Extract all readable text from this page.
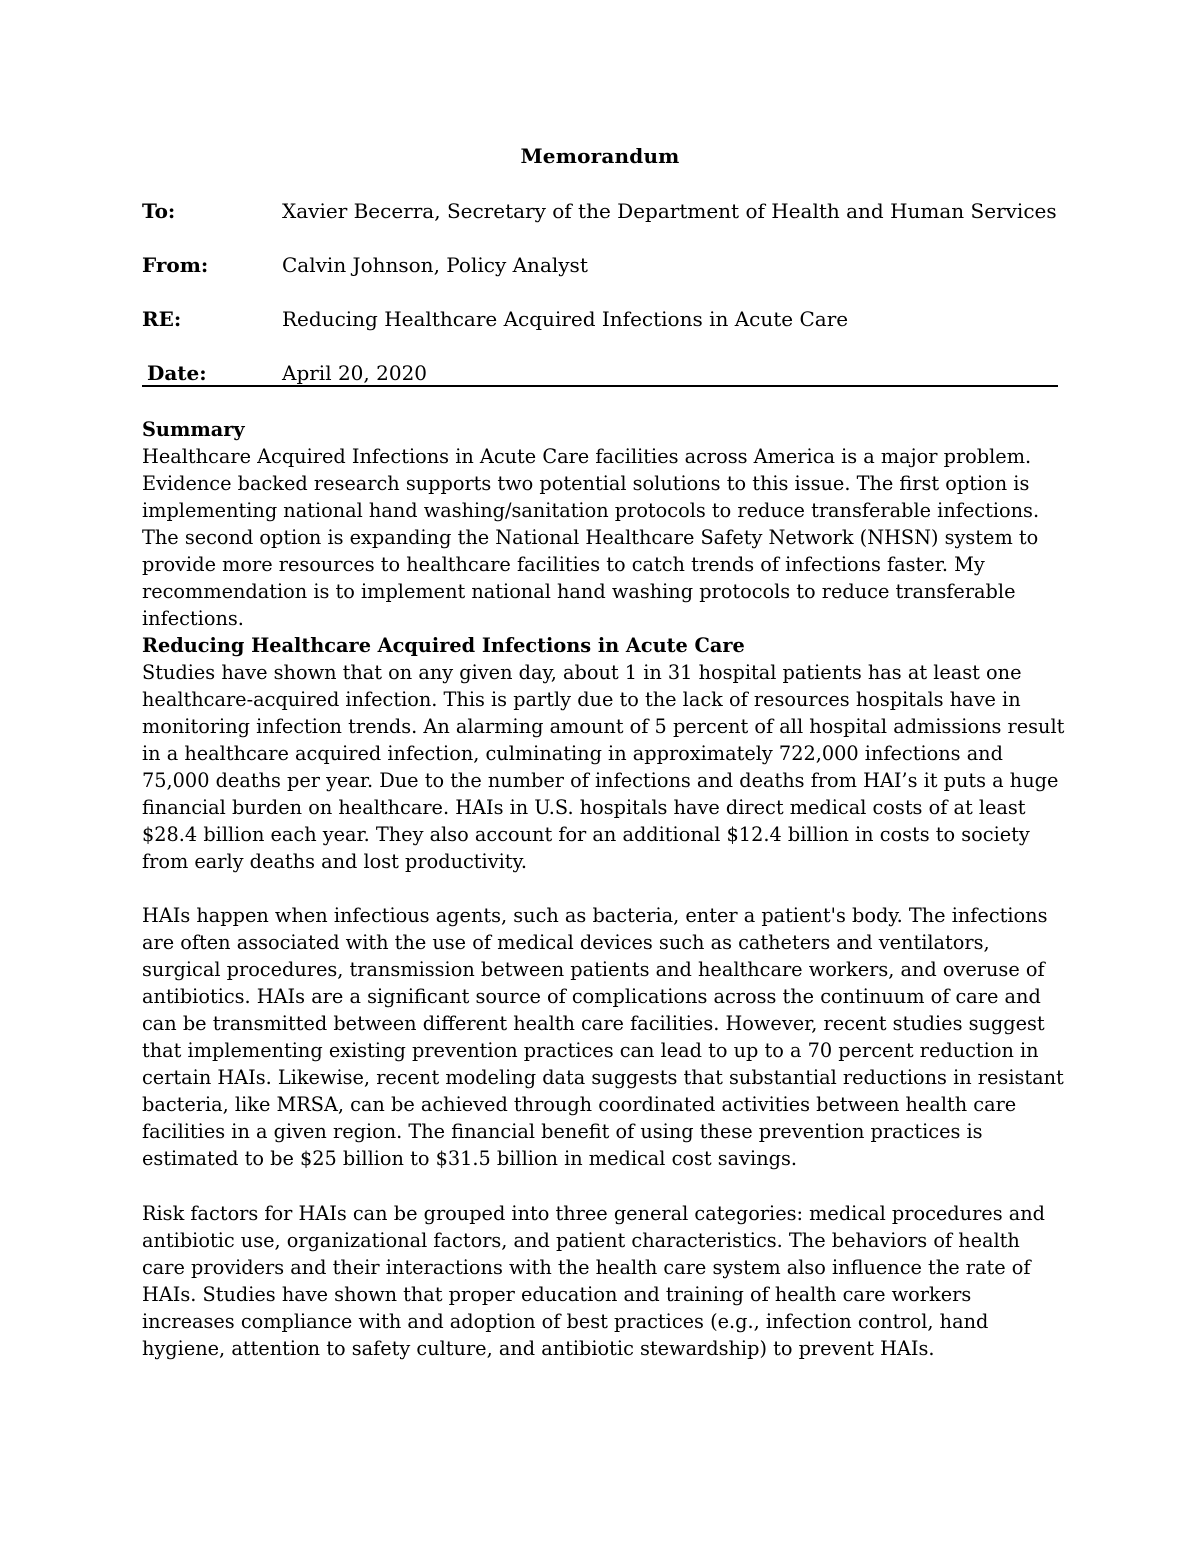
Memorandum
To:	Xavier Becerra, Secretary of the Department of Health and Human Services
From:	Calvin Johnson, Policy Analyst
RE:	Reducing Healthcare Acquired Infections in Acute Care
Date:	April 20, 2020

Summary

Healthcare Acquired Infections in Acute Care facilities across America is a major problem. Evidence backed research supports two potential solutions to this issue. The first option is implementing national hand washing/sanitation protocols to reduce transferable infections. The second option is expanding the National Healthcare Safety Network (NHSN) system to provide more resources to healthcare facilities to catch trends of infections faster. My recommendation is to implement national hand washing protocols to reduce transferable infections.

Reducing Healthcare Acquired Infections in Acute Care

Studies have shown that on any given day, about 1 in 31 hospital patients has at least one healthcare-acquired infection. This is partly due to the lack of resources hospitals have in monitoring infection trends. An alarming amount of 5 percent of all hospital admissions result in a healthcare acquired infection, culminating in approximately 722,000 infections and 75,000 deaths per year. Due to the number of infections and deaths from HAI’s it puts a huge financial burden on healthcare. HAIs in U.S. hospitals have direct medical costs of at least $28.4 billion each year. They also account for an additional $12.4 billion in costs to society from early deaths and lost productivity.

HAIs happen when infectious agents, such as bacteria, enter a patient's body. The infections are often associated with the use of medical devices such as catheters and ventilators, surgical procedures, transmission between patients and healthcare workers, and overuse of antibiotics. HAIs are a significant source of complications across the continuum of care and can be transmitted between different health care facilities. However, recent studies suggest that implementing existing prevention practices can lead to up to a 70 percent reduction in certain HAIs. Likewise, recent modeling data suggests that substantial reductions in resistant bacteria, like MRSA, can be achieved through coordinated activities between health care facilities in a given region. The financial benefit of using these prevention practices is estimated to be $25 billion to $31.5 billion in medical cost savings.

Risk factors for HAIs can be grouped into three general categories: medical procedures and antibiotic use, organizational factors, and patient characteristics. The behaviors of health care providers and their interactions with the health care system also influence the rate of HAIs. Studies have shown that proper education and training of health care workers increases compliance with and adoption of best practices (e.g., infection control, hand hygiene, attention to safety culture, and antibiotic stewardship) to prevent HAIs.
